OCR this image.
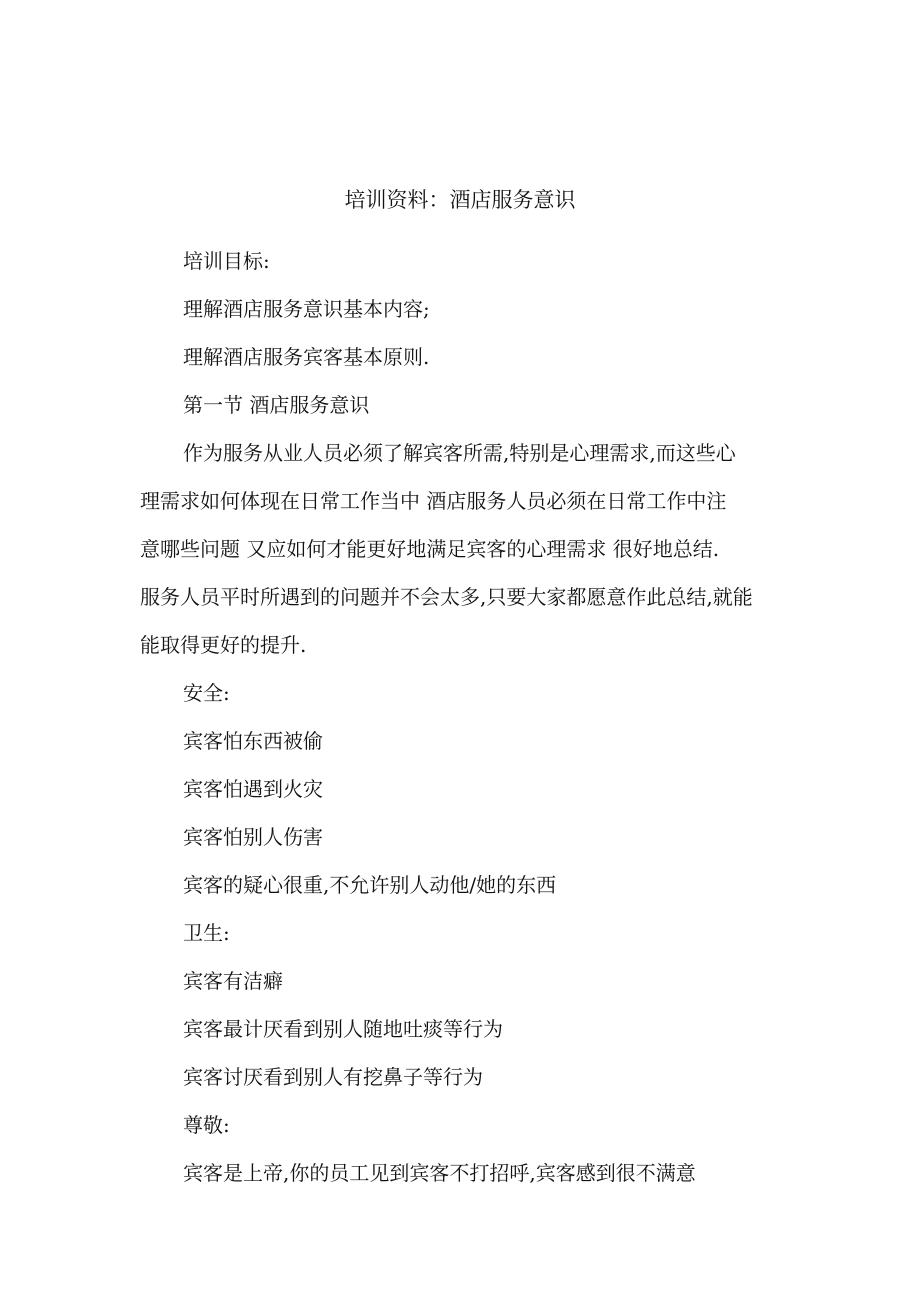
培训资料：酒店服务意识
培训目标:
理解酒店服务意识基本内容;
理解酒店服务宾客基本原则.
第一节 酒店服务意识
作为服务从业人员必须了解宾客所需,特别是心理需求,而这些心
理需求如何体现在日常工作当中 酒店服务人员必须在日常工作中注
意哪些问题 又应如何才能更好地满足宾客的心理需求 很好地总结.
服务人员平时所遇到的问题并不会太多,只要大家都愿意作此总结,就能
能取得更好的提升.
安全:
宾客怕东西被偷
宾客怕遇到火灾
宾客怕别人伤害
宾客的疑心很重,不允许别人动他/她的东西
卫生:
宾客有洁癖
宾客最计厌看到别人随地吐痰等行为
宾客讨厌看到别人有挖鼻子等行为
尊敬:
宾客是上帝,你的员工见到宾客不打招呼,宾客感到很不满意
